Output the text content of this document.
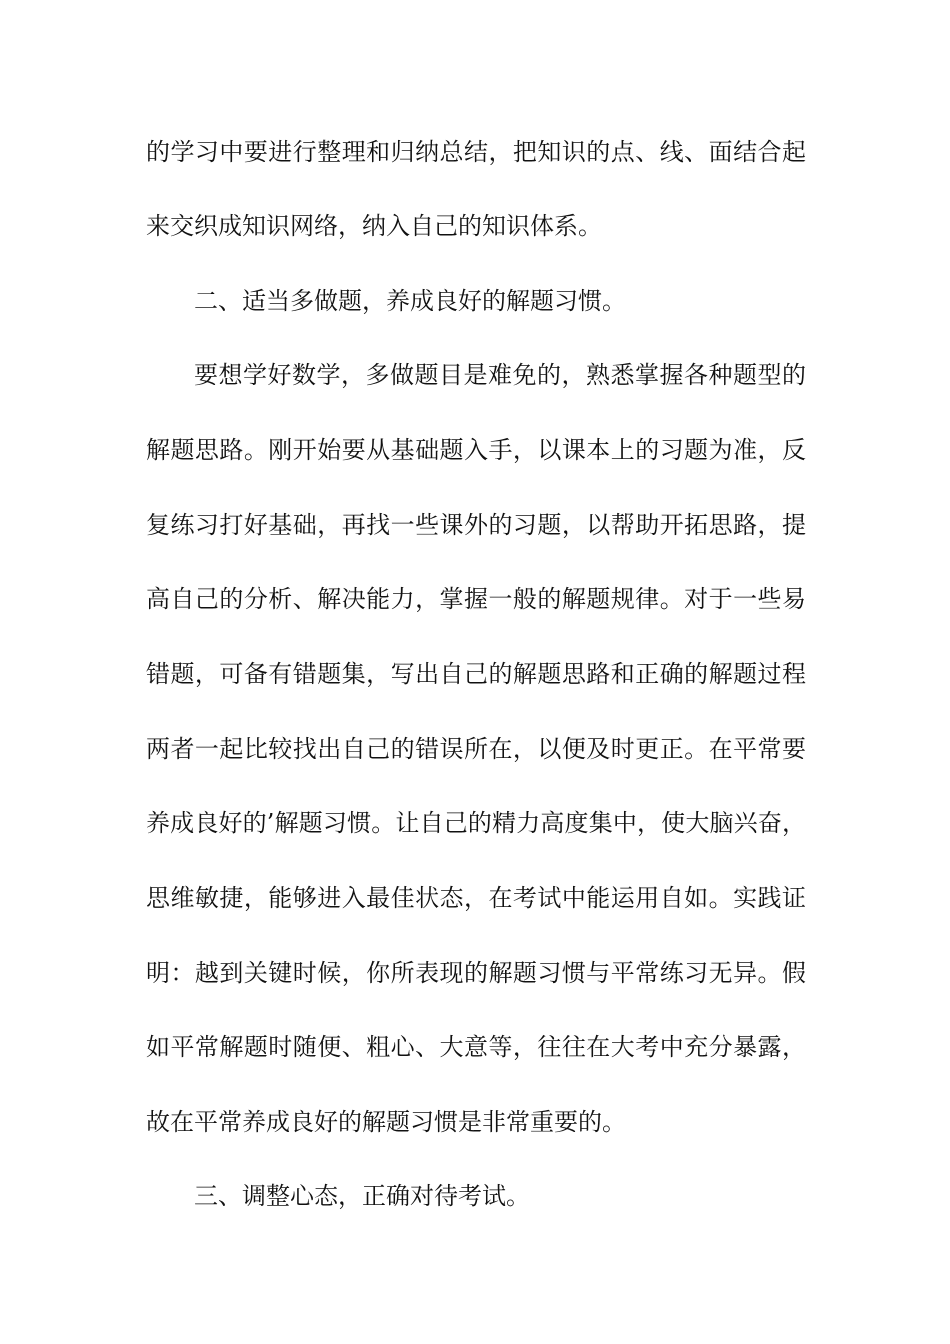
的学习中要进行整理和归纳总结，把知识的点、线、面结合起

来交织成知识网络，纳入自己的知识体系。

二、适当多做题，养成良好的解题习惯。

要想学好数学，多做题目是难免的，熟悉掌握各种题型的

解题思路。刚开始要从基础题入手，以课本上的习题为准，反

复练习打好基础，再找一些课外的习题，以帮助开拓思路，提

高自己的分析、解决能力，掌握一般的解题规律。对于一些易

错题，可备有错题集，写出自己的解题思路和正确的解题过程

两者一起比较找出自己的错误所在，以便及时更正。在平常要

养成良好的’解题习惯。让自己的精力高度集中，使大脑兴奋，

思维敏捷，能够进入最佳状态，在考试中能运用自如。实践证

明：越到关键时候，你所表现的解题习惯与平常练习无异。假

如平常解题时随便、粗心、大意等，往往在大考中充分暴露，

故在平常养成良好的解题习惯是非常重要的。

三、调整心态，正确对待考试。
